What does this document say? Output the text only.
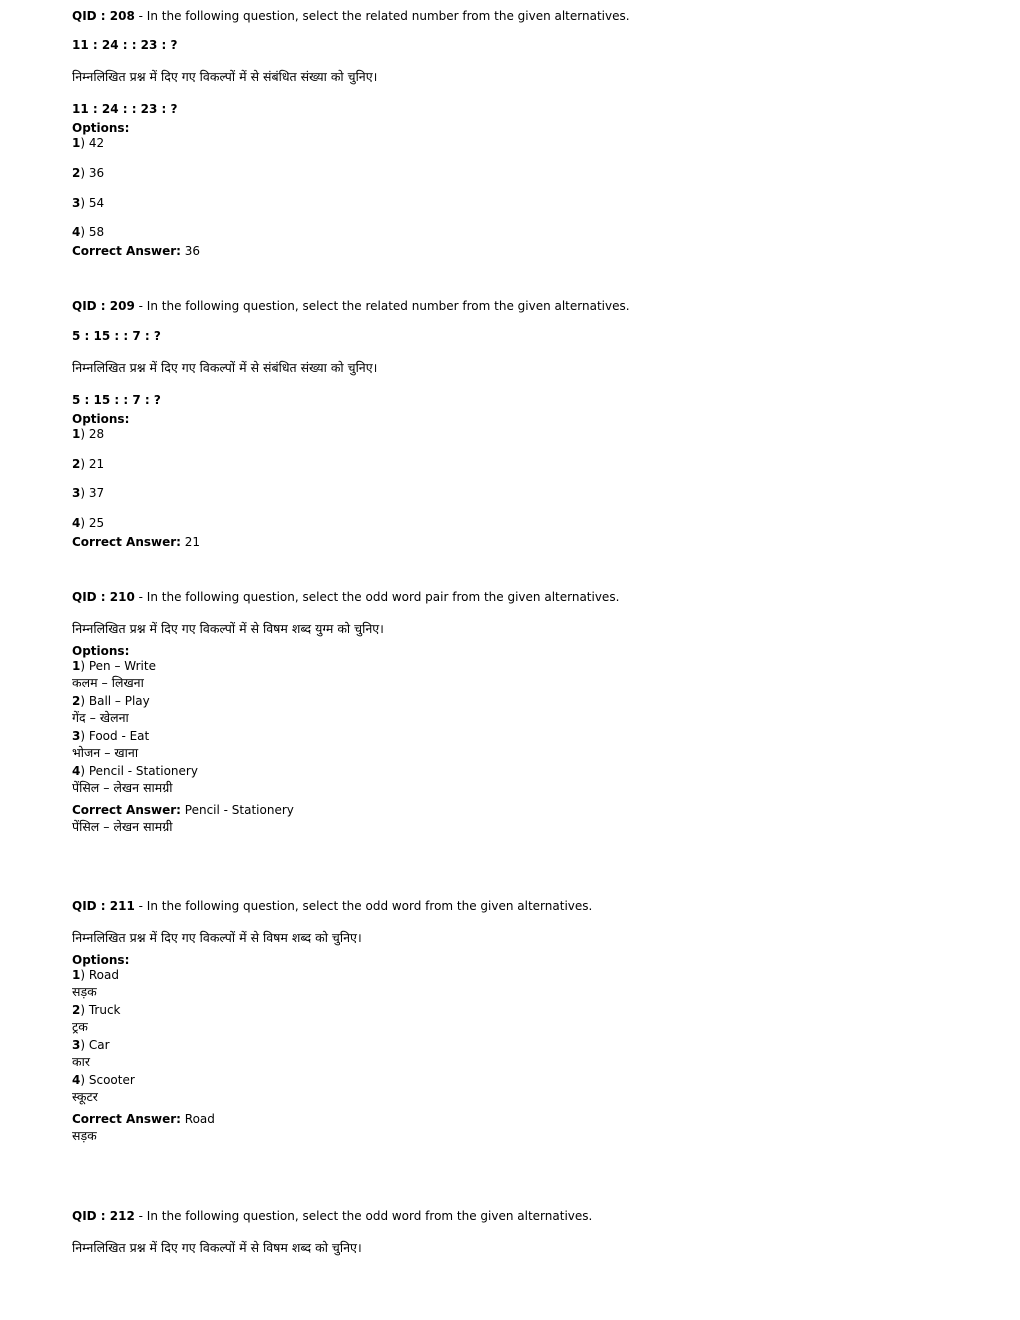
QID : 208 - In the following question, select the related number from the given alternatives.
11 : 24 : : 23 : ?
निम्नलिखित प्रश्न में दिए गए विकल्पों में से संबंधित संख्या को चुनिए।
11 : 24 : : 23 : ?
Options:
1) 42
2) 36
3) 54
4) 58
Correct Answer: 36
QID : 209 - In the following question, select the related number from the given alternatives.
5 : 15 : : 7 : ?
निम्नलिखित प्रश्न में दिए गए विकल्पों में से संबंधित संख्या को चुनिए।
5 : 15 : : 7 : ?
Options:
1) 28
2) 21
3) 37
4) 25
Correct Answer: 21
QID : 210 - In the following question, select the odd word pair from the given alternatives.
निम्नलिखित प्रश्न में दिए गए विकल्पों में से विषम शब्द युग्म को चुनिए।
Options:
1) Pen – Write
कलम – लिखना
2) Ball – Play
गेंद – खेलना
3) Food - Eat
भोजन – खाना
4) Pencil - Stationery
पेंसिल – लेखन सामग्री
Correct Answer: Pencil - Stationery
पेंसिल – लेखन सामग्री
QID : 211 - In the following question, select the odd word from the given alternatives.
निम्नलिखित प्रश्न में दिए गए विकल्पों में से विषम शब्द को चुनिए।
Options:
1) Road
सड़क
2) Truck
ट्रक
3) Car
कार
4) Scooter
स्कूटर
Correct Answer: Road
सड़क
QID : 212 - In the following question, select the odd word from the given alternatives.
निम्नलिखित प्रश्न में दिए गए विकल्पों में से विषम शब्द को चुनिए।
